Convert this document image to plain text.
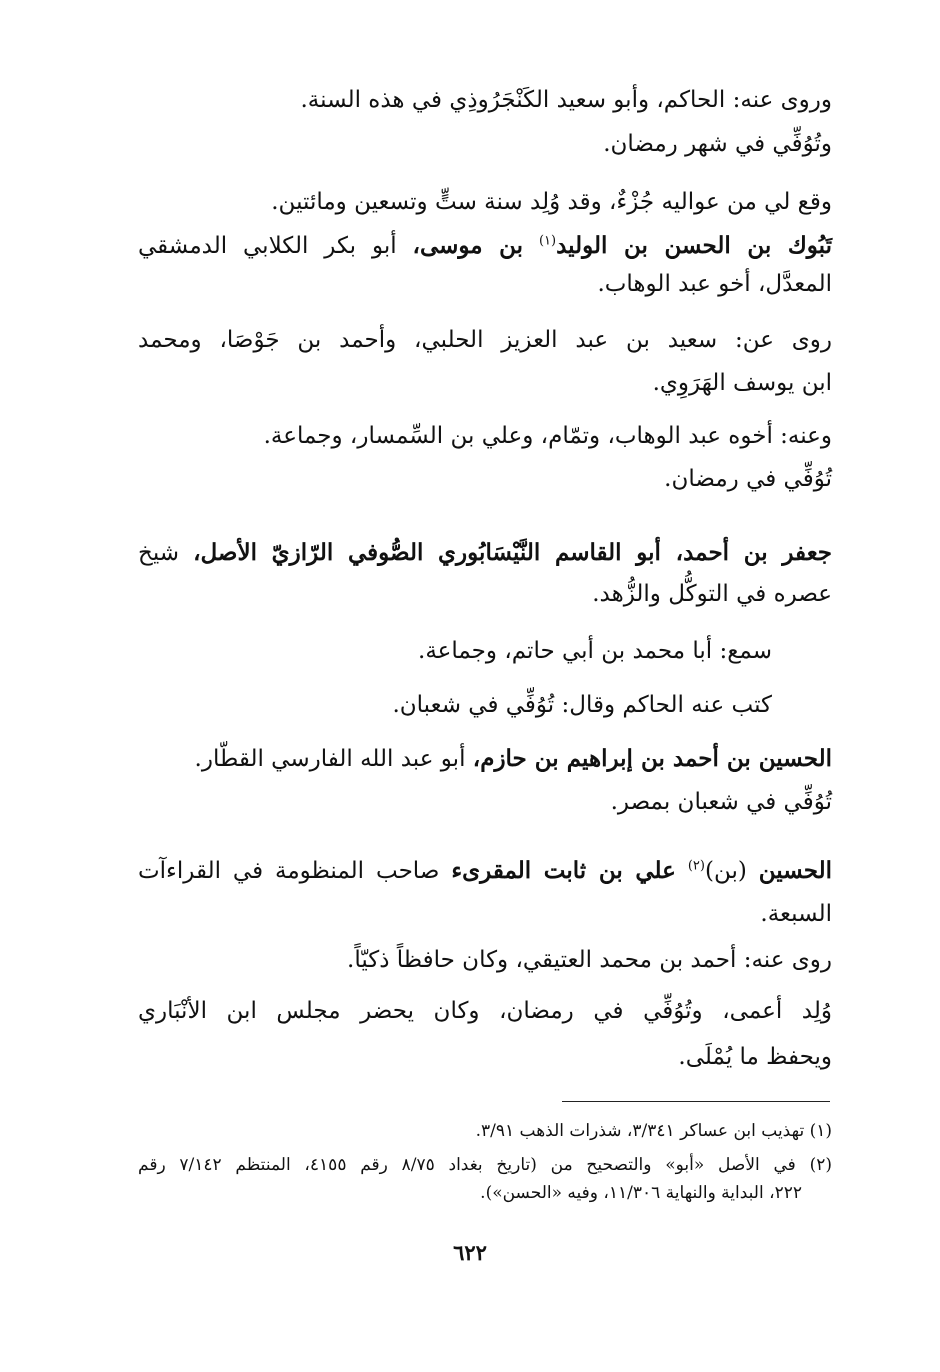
وروى عنه: الحاكم، وأبو سعيد الكَنْجَرُوذِي في هذه السنة.
وتُوُفِّي في شهر رمضان.
وقع لي من عواليه جُزْءٌ، وقد وُلِد سنة ستٍّ وتسعين ومائتين.
تَبُوك بن الحسن بن الوليد$^{(١)}$ بن موسى، أبو بكر الكلابي الدمشقي
المعدَّل، أخو عبد الوهاب.
روى عن: سعيد بن عبد العزيز الحلبي، وأحمد بن جَوْصَا، ومحمد
ابن يوسف الهَرَوِي.
وعنه: أخوه عبد الوهاب، وتمّام، وعلي بن السِّمسار، وجماعة.
تُوُفِّي في رمضان.
جعفر بن أحمد، أبو القاسم النَّيْسَابُوري الصُّوفي الرّازيّ الأصل، شيخ
عصره في التوكُّل والزُّهد.
سمع: أبا محمد بن أبي حاتم، وجماعة.
كتب عنه الحاكم وقال: تُوُفِّي في شعبان.
الحسين بن أحمد بن إبراهيم بن حازم، أبو عبد الله الفارسي القطّار.
تُوُفِّي في شعبان بمصر.
الحسين (بن)$^{(٢)}$ علي بن ثابت المقرىء صاحب المنظومة في القراءآت
السبعة.
روى عنه: أحمد بن محمد العتيقي، وكان حافظاً ذكيّاً.
وُلِد أعمى، وتُوُفِّي في رمضان، وكان يحضر مجلس ابن الأنْبَاري
ويحفظ ما يُمْلَى.
(١) تهذيب ابن عساكر ٣/٣٤١، شذرات الذهب ٣/٩١.
(٢) في الأصل «أبو» والتصحيح من (تاريخ بغداد ٨/٧٥ رقم ٤١٥٥، المنتظم ٧/١٤٢ رقم
٢٢٢، البداية والنهاية ١١/٣٠٦، وفيه «الحسن»).
٦٢٢
